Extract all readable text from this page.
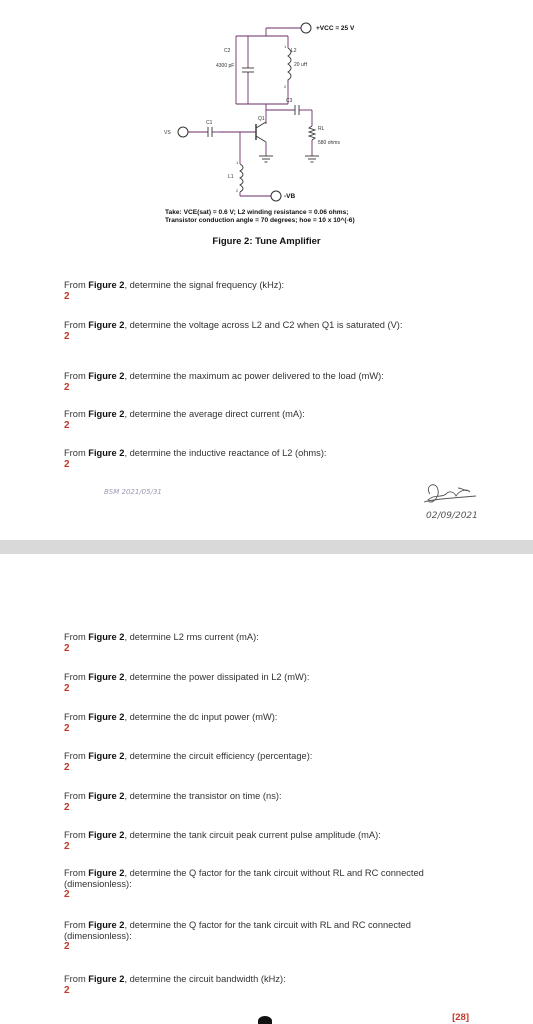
+VCC = 25 V
C2
4300 pF
L2
20 uH
1
2
C3
Q1
C1
VS
RL
580 ohms
L1
1
2
-VB
Take: VCE(sat) = 0.6 V; L2 winding resistance = 0.06 ohms; Transistor conduction angle = 70 degrees; hoe = 10 x 10^(-6)
Figure 2: Tune Amplifier
From Figure 2, determine the signal frequency (kHz):
2
From Figure 2, determine the voltage across L2 and C2 when Q1 is saturated (V):
2
From Figure 2, determine the maximum ac power delivered to the load (mW):
2
From Figure 2, determine the average direct current (mA):
2
From Figure 2, determine the inductive reactance of L2 (ohms):
2
BSM 2021/05/31
02/09/2021
From Figure 2, determine L2 rms current (mA):
2
From Figure 2, determine the power dissipated in L2 (mW):
2
From Figure 2, determine the dc input power (mW):
2
From Figure 2, determine the circuit efficiency (percentage):
2
From Figure 2, determine the transistor on time (ns):
2
From Figure 2, determine the tank circuit peak current pulse amplitude (mA):
2
From Figure 2, determine the Q factor for the tank circuit without RL and RC connected (dimensionless):
2
From Figure 2, determine the Q factor for the tank circuit with RL and RC connected (dimensionless):
2
From Figure 2, determine the circuit bandwidth (kHz):
2
[28]
